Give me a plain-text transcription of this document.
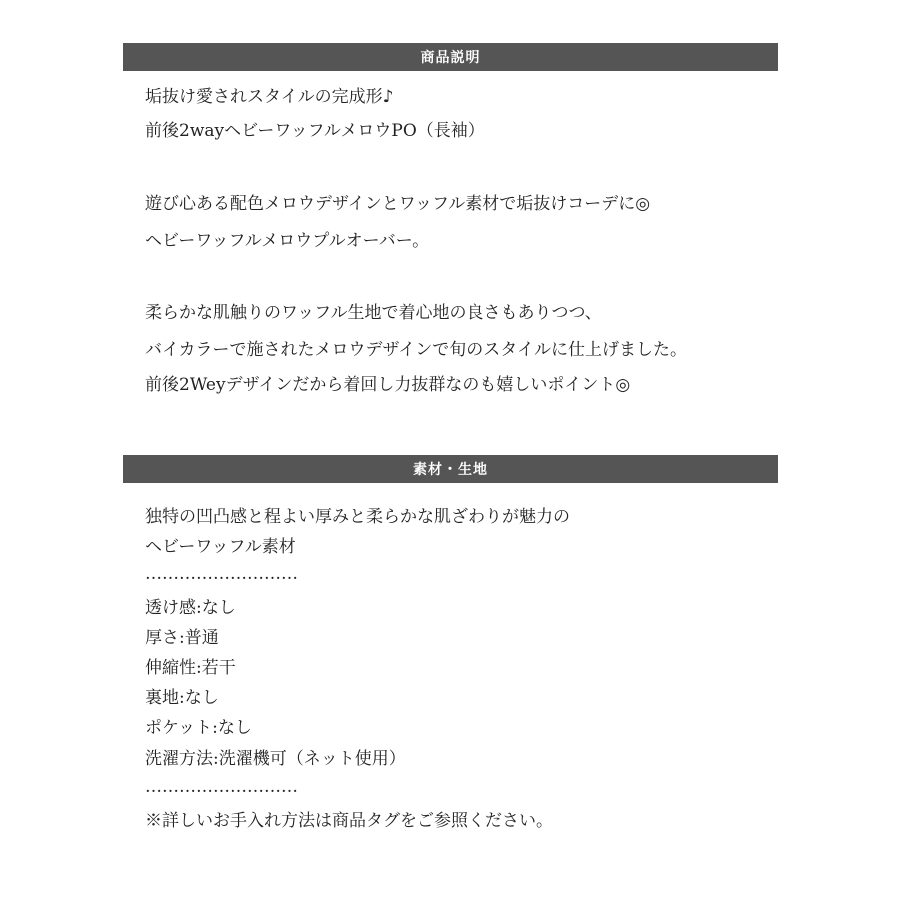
商品説明
垢抜け愛されスタイルの完成形♪
前後2wayヘビーワッフルメロウPO（長袖）
遊び心ある配色メロウデザインとワッフル素材で垢抜けコーデに◎
ヘビーワッフルメロウプルオーバー。
柔らかな肌触りのワッフル生地で着心地の良さもありつつ、
バイカラーで施されたメロウデザインで旬のスタイルに仕上げました。
前後2Weyデザインだから着回し力抜群なのも嬉しいポイント◎
素材・生地
独特の凹凸感と程よい厚みと柔らかな肌ざわりが魅力の
ヘビーワッフル素材
………………………
透け感:なし
厚さ:普通
伸縮性:若干
裏地:なし
ポケット:なし
洗濯方法:洗濯機可（ネット使用）
………………………
※詳しいお手入れ方法は商品タグをご参照ください。
